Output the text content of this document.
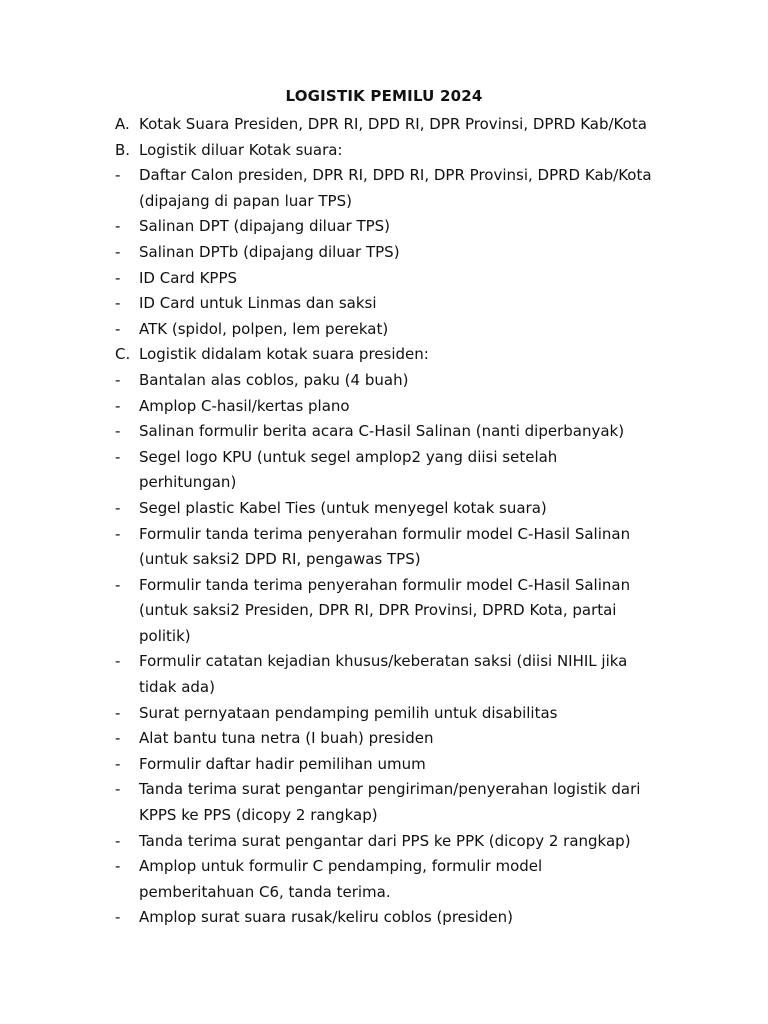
LOGISTIK PEMILU 2024
A. Kotak Suara Presiden, DPR RI, DPD RI, DPR Provinsi, DPRD Kab/Kota
B. Logistik diluar Kotak suara:
-	Daftar Calon presiden, DPR RI, DPD RI, DPR Provinsi, DPRD Kab/Kota
(dipajang di papan luar TPS)
-	Salinan DPT (dipajang diluar TPS)
-	Salinan DPTb (dipajang diluar TPS)
-	ID Card KPPS
-	ID Card untuk Linmas dan saksi
-	ATK (spidol, polpen, lem perekat)
C. Logistik didalam kotak suara presiden:
-	Bantalan alas coblos, paku (4 buah)
-	Amplop C-hasil/kertas plano
-	Salinan formulir berita acara C-Hasil Salinan (nanti diperbanyak)
-	Segel logo KPU (untuk segel amplop2 yang diisi setelah
perhitungan)
-	Segel plastic Kabel Ties (untuk menyegel kotak suara)
-	Formulir tanda terima penyerahan formulir model C-Hasil Salinan
(untuk saksi2 DPD RI, pengawas TPS)
-	Formulir tanda terima penyerahan formulir model C-Hasil Salinan
(untuk saksi2 Presiden, DPR RI, DPR Provinsi, DPRD Kota, partai
politik)
-	Formulir catatan kejadian khusus/keberatan saksi (diisi NIHIL jika
tidak ada)
-	Surat pernyataan pendamping pemilih untuk disabilitas
-	Alat bantu tuna netra (I buah) presiden
-	Formulir daftar hadir pemilihan umum
-	Tanda terima surat pengantar pengiriman/penyerahan logistik dari
KPPS ke PPS (dicopy 2 rangkap)
-	Tanda terima surat pengantar dari PPS ke PPK (dicopy 2 rangkap)
-	Amplop untuk formulir C pendamping, formulir model
pemberitahuan C6, tanda terima.
-	Amplop surat suara rusak/keliru coblos (presiden)
